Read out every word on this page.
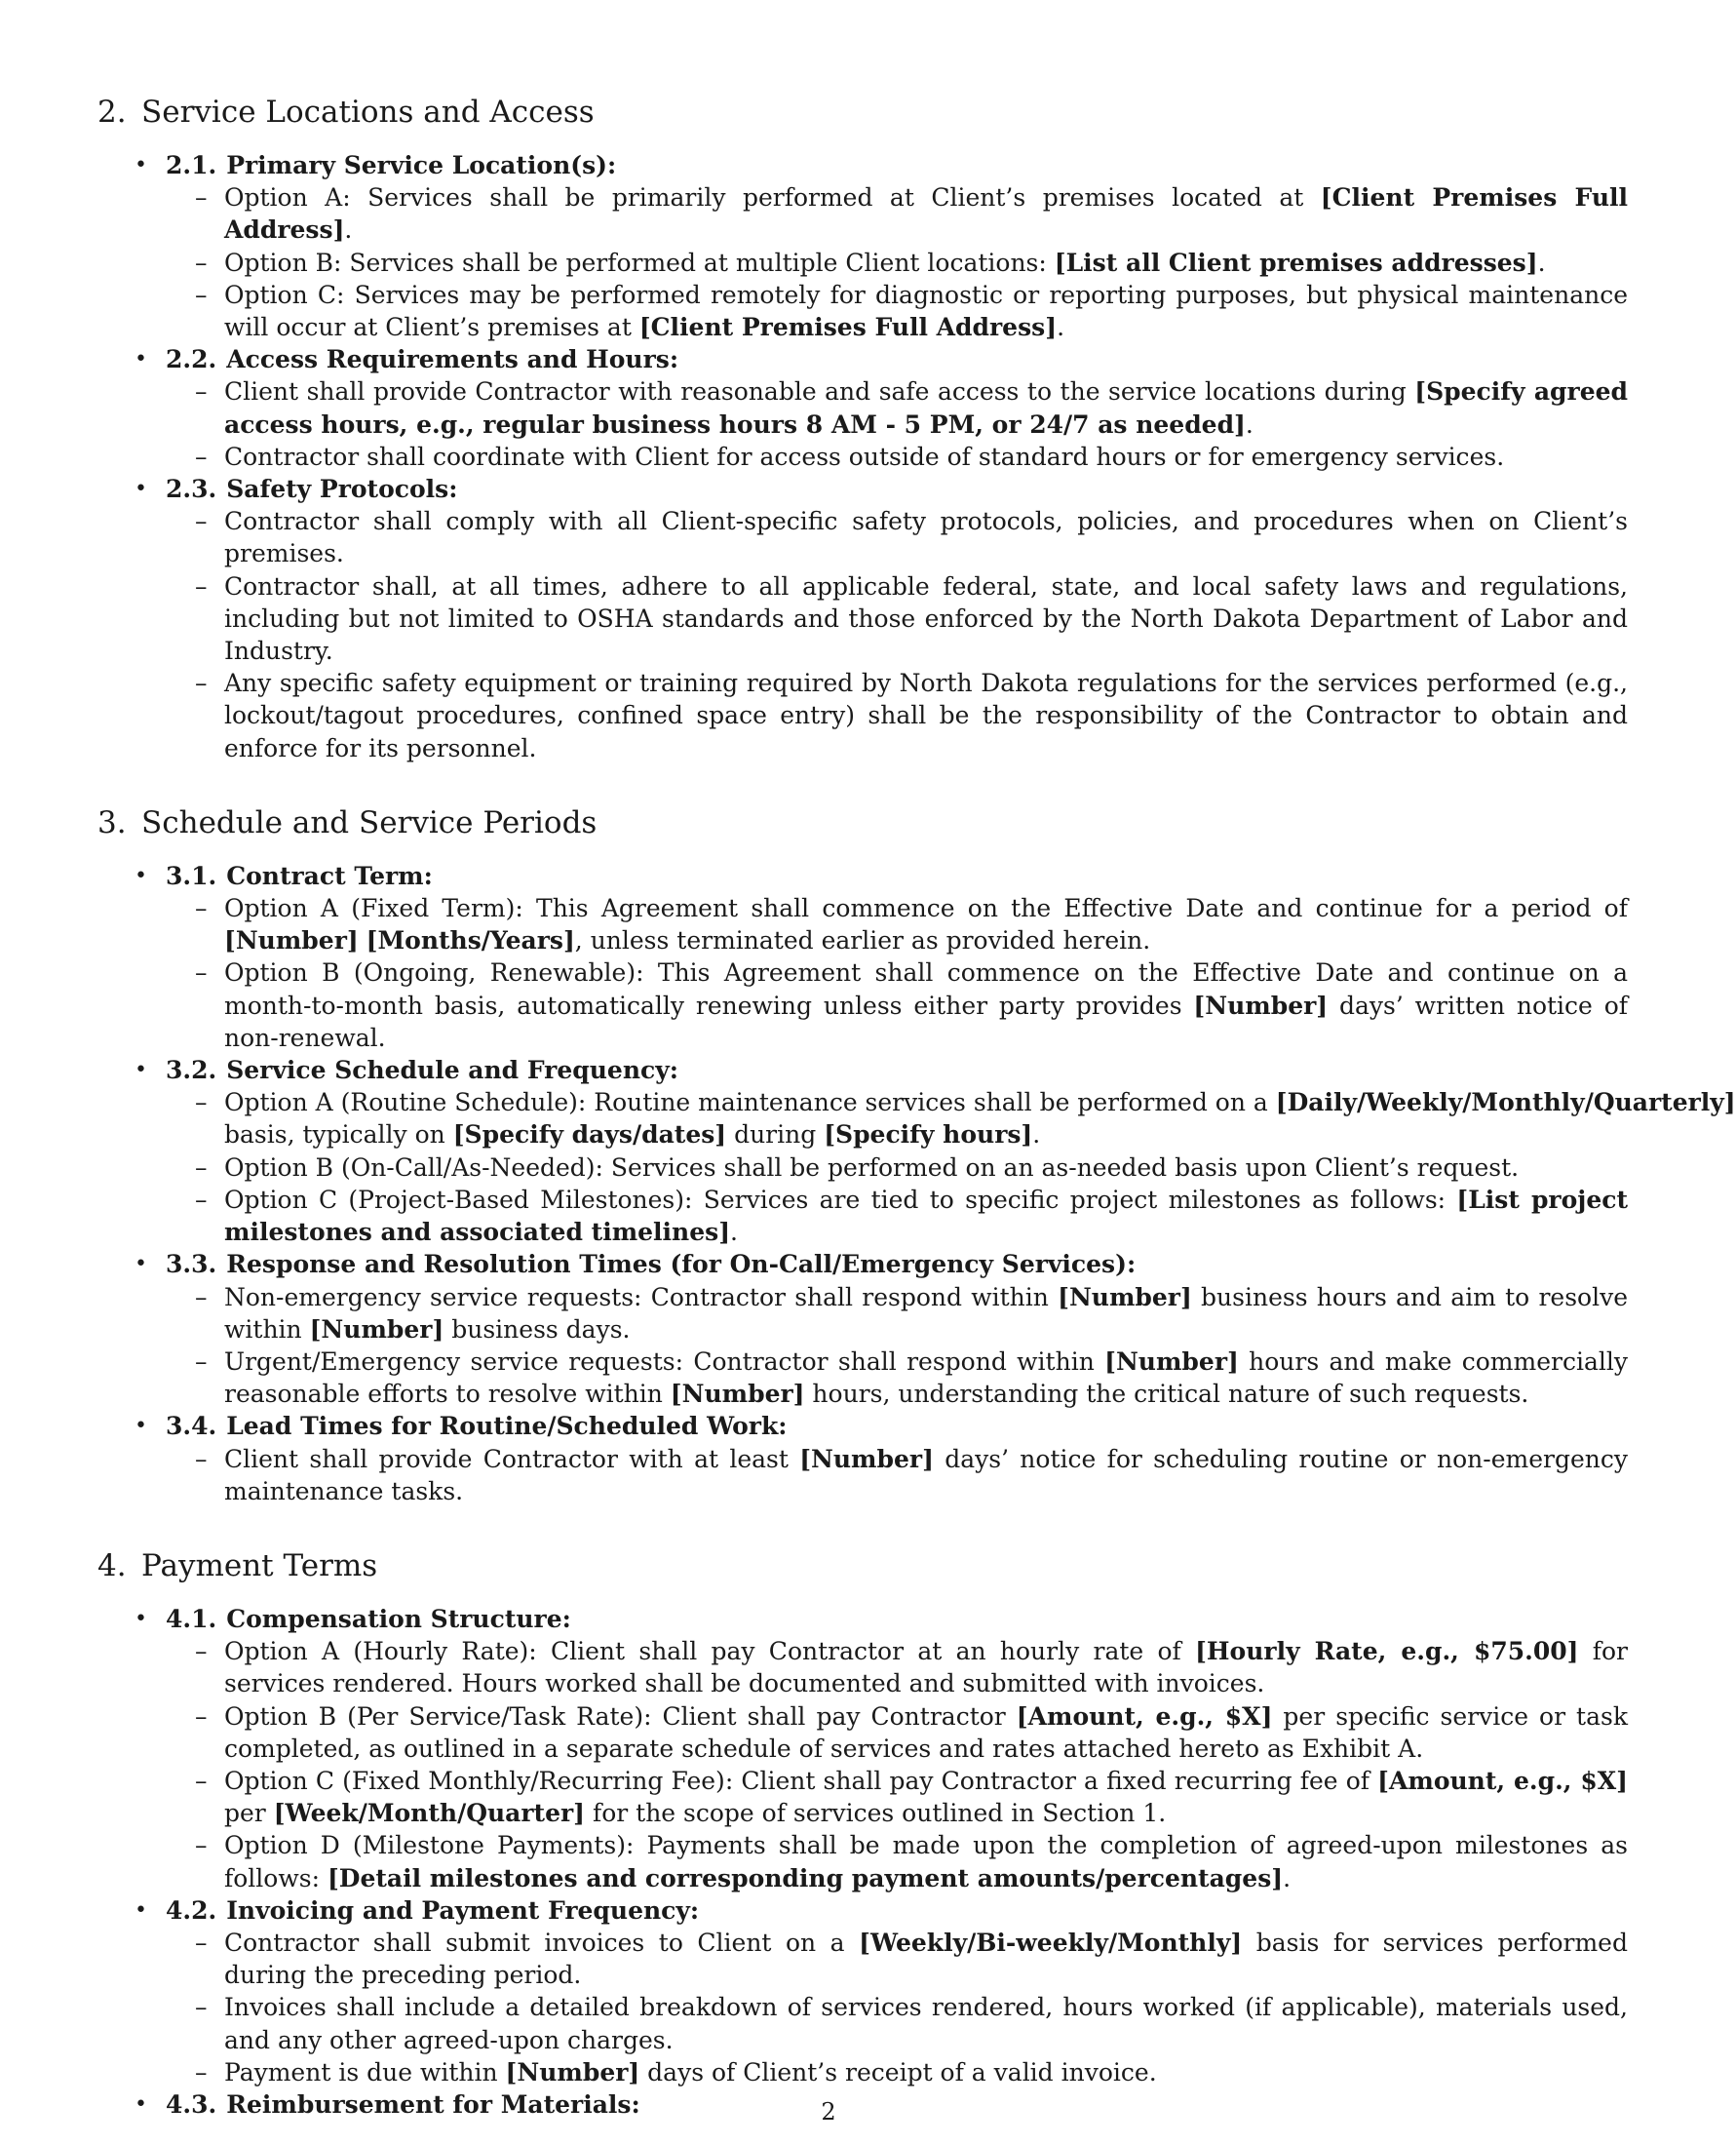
2. Service Locations and Access
• 2.1. Primary Service Location(s):
– Option A: Services shall be primarily performed at Client’s premises located at [Client Premises Full Address].
– Option B: Services shall be performed at multiple Client locations: [List all Client premises addresses].
– Option C: Services may be performed remotely for diagnostic or reporting purposes, but physical maintenance will occur at Client’s premises at [Client Premises Full Address].
• 2.2. Access Requirements and Hours:
– Client shall provide Contractor with reasonable and safe access to the service locations during [Specify agreed access hours, e.g., regular business hours 8 AM - 5 PM, or 24/7 as needed].
– Contractor shall coordinate with Client for access outside of standard hours or for emergency services.
• 2.3. Safety Protocols:
– Contractor shall comply with all Client-specific safety protocols, policies, and procedures when on Client’s premises.
– Contractor shall, at all times, adhere to all applicable federal, state, and local safety laws and regulations, including but not limited to OSHA standards and those enforced by the North Dakota Department of Labor and Industry.
– Any specific safety equipment or training required by North Dakota regulations for the services performed (e.g., lockout/tagout procedures, confined space entry) shall be the responsibility of the Contractor to obtain and enforce for its personnel.
3. Schedule and Service Periods
• 3.1. Contract Term:
– Option A (Fixed Term): This Agreement shall commence on the Effective Date and continue for a period of [Number] [Months/Years], unless terminated earlier as provided herein.
– Option B (Ongoing, Renewable): This Agreement shall commence on the Effective Date and continue on a month-to-month basis, automatically renewing unless either party provides [Number] days’ written notice of non-renewal.
• 3.2. Service Schedule and Frequency:
– Option A (Routine Schedule): Routine maintenance services shall be performed on a [Daily/Weekly/Monthly/Quarterly]
basis, typically on [Specify days/dates] during [Specify hours].
– Option B (On-Call/As-Needed): Services shall be performed on an as-needed basis upon Client’s request.
– Option C (Project-Based Milestones): Services are tied to specific project milestones as follows: [List project milestones and associated timelines].
• 3.3. Response and Resolution Times (for On-Call/Emergency Services):
– Non-emergency service requests: Contractor shall respond within [Number] business hours and aim to resolve within [Number] business days.
– Urgent/Emergency service requests: Contractor shall respond within [Number] hours and make commercially reasonable efforts to resolve within [Number] hours, understanding the critical nature of such requests.
• 3.4. Lead Times for Routine/Scheduled Work:
– Client shall provide Contractor with at least [Number] days’ notice for scheduling routine or non-emergency maintenance tasks.
4. Payment Terms
• 4.1. Compensation Structure:
– Option A (Hourly Rate): Client shall pay Contractor at an hourly rate of [Hourly Rate, e.g., $75.00] for services rendered. Hours worked shall be documented and submitted with invoices.
– Option B (Per Service/Task Rate): Client shall pay Contractor [Amount, e.g., $X] per specific service or task completed, as outlined in a separate schedule of services and rates attached hereto as Exhibit A.
– Option C (Fixed Monthly/Recurring Fee): Client shall pay Contractor a fixed recurring fee of [Amount, e.g., $X] per [Week/Month/Quarter] for the scope of services outlined in Section 1.
– Option D (Milestone Payments): Payments shall be made upon the completion of agreed-upon milestones as follows: [Detail milestones and corresponding payment amounts/percentages].
• 4.2. Invoicing and Payment Frequency:
– Contractor shall submit invoices to Client on a [Weekly/Bi-weekly/Monthly] basis for services performed during the preceding period.
– Invoices shall include a detailed breakdown of services rendered, hours worked (if applicable), materials used, and any other agreed-upon charges.
– Payment is due within [Number] days of Client’s receipt of a valid invoice.
• 4.3. Reimbursement for Materials:	2
